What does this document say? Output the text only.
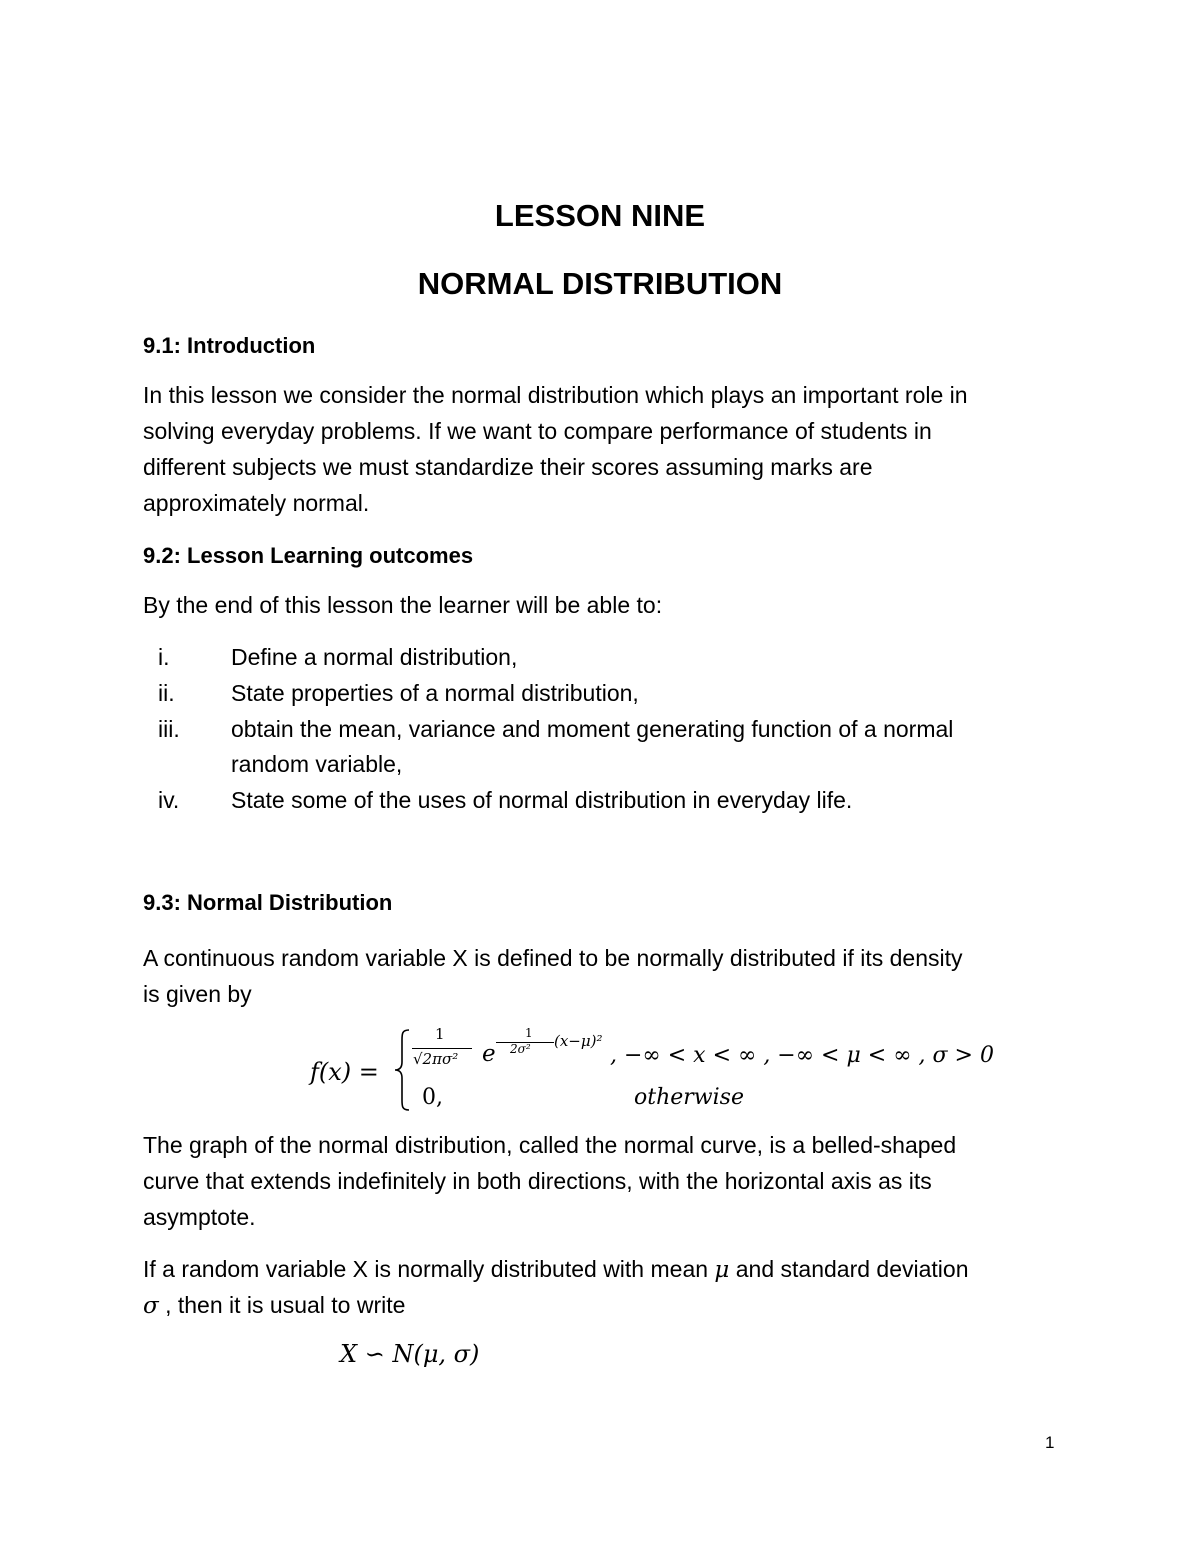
LESSON NINE
NORMAL DISTRIBUTION
9.1: Introduction
In this lesson we consider the normal distribution which plays an important role in
solving everyday problems. If we want to compare performance of students in
different subjects we must standardize their scores assuming marks are
approximately normal.
9.2: Lesson Learning outcomes
By the end of this lesson the learner will be able to:
i.	Define a normal distribution,
ii. State properties of a normal distribution,
iii. obtain the mean, variance and moment generating function of a normal
random variable,
iv. State some of the uses of normal distribution in everyday life.
9.3: Normal Distribution
A continuous random variable X is defined to be normally distributed if its density
is given by
f(x) =
1
√2πσ² e
1
2σ² (x−μ)²
, −∞ < x < ∞ , −∞ < μ < ∞ , σ > 0
0,	otherwise
The graph of the normal distribution, called the normal curve, is a belled-shaped
curve that extends indefinitely in both directions, with the horizontal axis as its
asymptote.
If a random variable X is normally distributed with mean μ and standard deviation
σ , then it is usual to write
X ∽ N(μ, σ)
1
